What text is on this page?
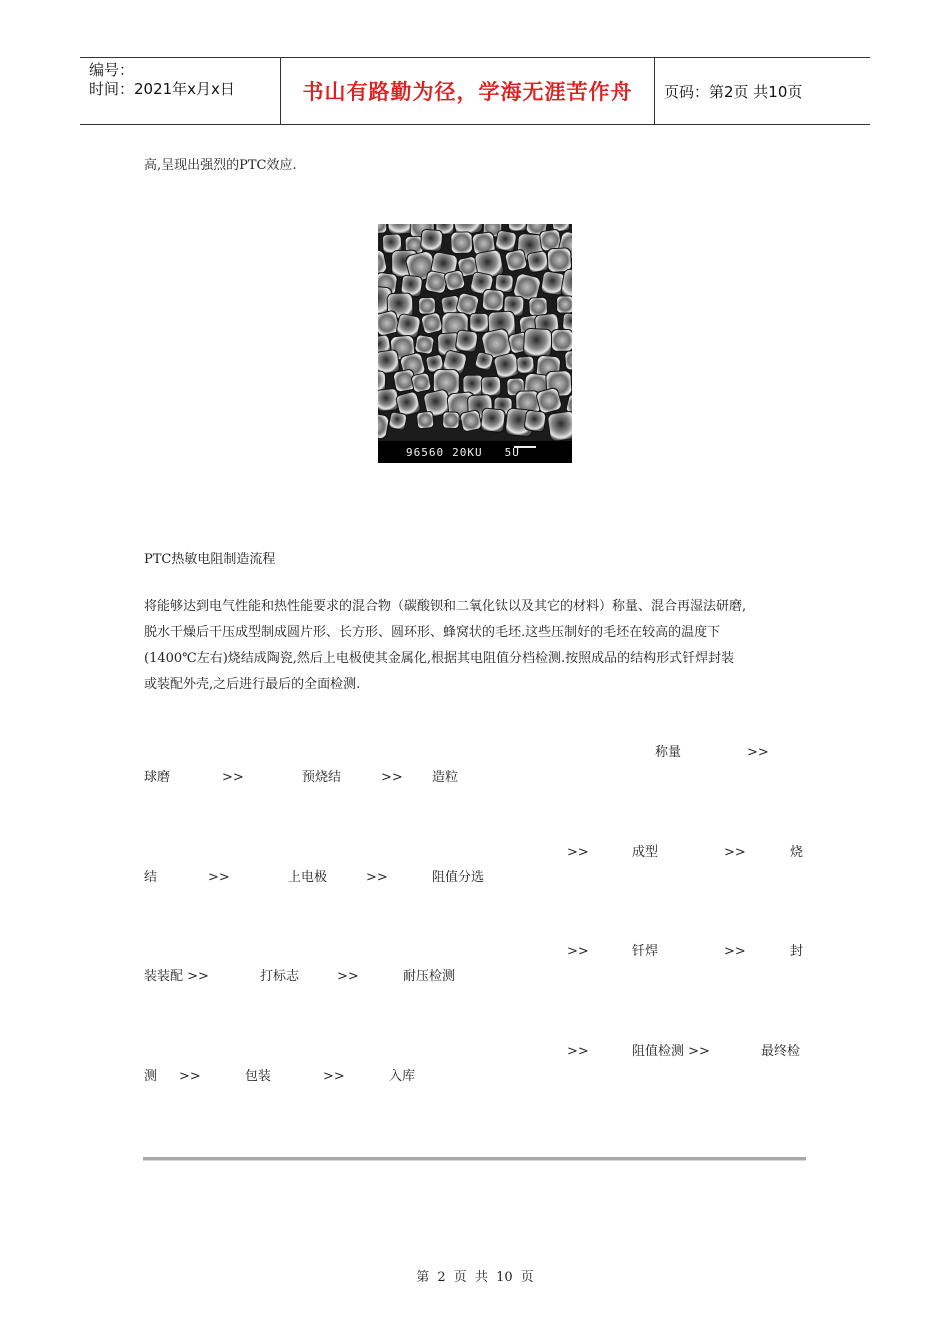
编号：
时间：2021年x月x日	书山有路勤为径，学海无涯苦作舟	页码：第2页 共10页
高,呈现出强烈的PTC效应.
96560 20KU 5U
PTC热敏电阻制造流程
将能够达到电气性能和热性能要求的混合物（碳酸钡和二氧化钛以及其它的材料）称量、混合再湿法研磨,
脱水干燥后干压成型制成圆片形、长方形、圆环形、蜂窝状的毛坯.这些压制好的毛坯在较高的温度下
(1400℃左右)烧结成陶瓷,然后上电极使其金属化,根据其电阻值分档检测.按照成品的结构形式钎焊封装
或装配外壳,之后进行最后的全面检测.
称量	>>
球磨	>>	预烧结	>> 造粒
>>	成型	>>	烧
结	>>	上电极	>>	阻值分选
>>	钎焊	>>	封
装装配 >>	打标志	>>	耐压检测
>>	阻值检测 >>	最终检
测 >>	包装	>>	入库
第 2 页 共 10 页
